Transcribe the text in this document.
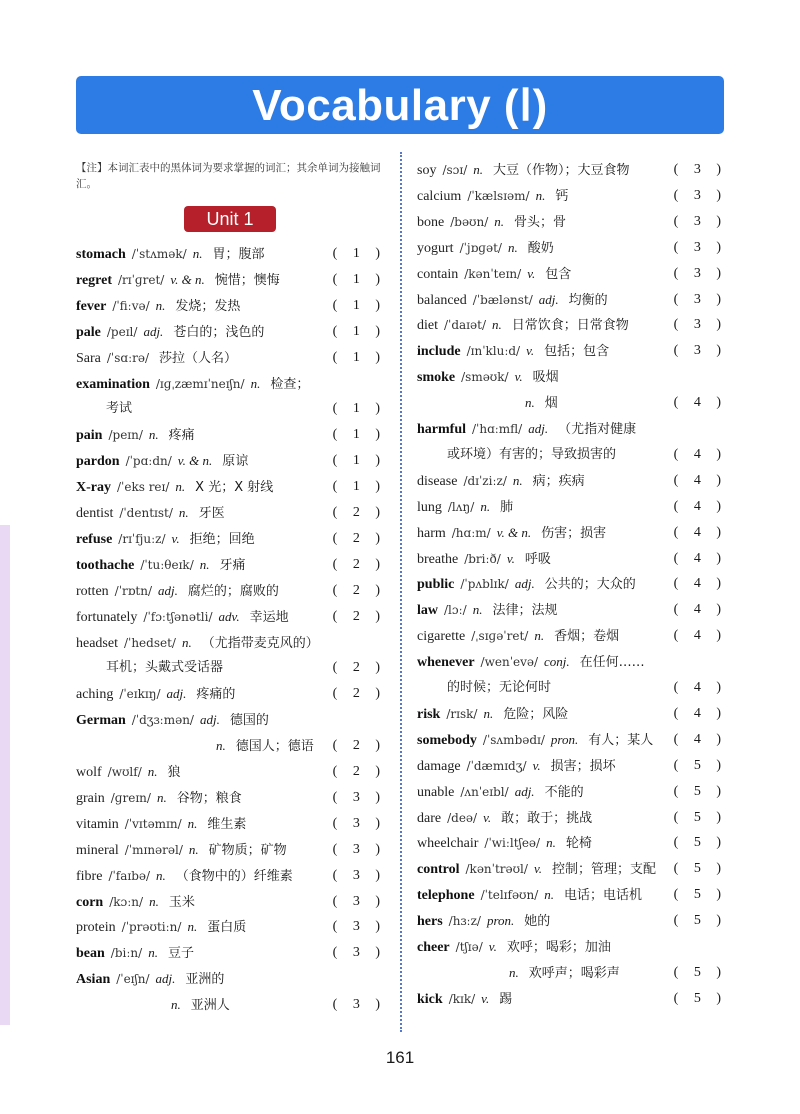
Vocabulary (Ⅰ)
【注】本词汇表中的黑体词为要求掌握的词汇；其余单词为接触词汇。
Unit 1
stomach /ˈstʌmək/ n. 胃；腹部	( 1 )
regret /rɪˈɡret/ v. & n. 惋惜；懊悔	( 1 )
fever /ˈfiːvə/ n. 发烧；发热	( 1 )
pale /peɪl/ adj. 苍白的；浅色的	( 1 )
Sara /ˈsɑːrə/ 莎拉（人名）	( 1 )
examination /ɪɡˌzæmɪˈneɪʃn/ n. 检查；
考试	( 1 )
pain /peɪn/ n. 疼痛	( 1 )
pardon /ˈpɑːdn/ v. & n. 原谅	( 1 )
X-ray /ˈeks reɪ/ n. X 光；X 射线	( 1 )
dentist /ˈdentɪst/ n. 牙医	( 2 )
refuse /rɪˈfjuːz/ v. 拒绝；回绝	( 2 )
toothache /ˈtuːθeɪk/ n. 牙痛	( 2 )
rotten /ˈrɒtn/ adj. 腐烂的；腐败的	( 2 )
fortunately /ˈfɔːtʃənətli/ adv. 幸运地	( 2 )
headset /ˈhedset/ n. （尤指带麦克风的）
耳机；头戴式受话器	( 2 )
aching /ˈeɪkɪŋ/ adj. 疼痛的	( 2 )
German /ˈdʒɜːmən/ adj. 德国的
n. 德国人；德语 ( 2 )
wolf /wʊlf/ n. 狼	( 2 )
grain /ɡreɪn/ n. 谷物；粮食	( 3 )
vitamin /ˈvɪtəmɪn/ n. 维生素	( 3 )
mineral /ˈmɪnərəl/ n. 矿物质；矿物	( 3 )
fibre /ˈfaɪbə/ n. （食物中的）纤维素	( 3 )
corn /kɔːn/ n. 玉米	( 3 )
protein /ˈprəʊtiːn/ n. 蛋白质	( 3 )
bean /biːn/ n. 豆子	( 3 )
Asian /ˈeɪʃn/ adj. 亚洲的
n. 亚洲人	( 3 )
soy /sɔɪ/ n. 大豆（作物）；大豆食物	( 3 )
calcium /ˈkælsɪəm/ n. 钙	( 3 )
bone /bəʊn/ n. 骨头；骨	( 3 )
yogurt /ˈjɒɡət/ n. 酸奶	( 3 )
contain /kənˈteɪn/ v. 包含	( 3 )
balanced /ˈbælənst/ adj. 均衡的	( 3 )
diet /ˈdaɪət/ n. 日常饮食；日常食物	( 3 )
include /ɪnˈkluːd/ v. 包括；包含	( 3 )
smoke /sməʊk/ v. 吸烟
n. 烟	( 4 )
harmful /ˈhɑːmfl/ adj. （尤指对健康
或环境）有害的；导致损害的	( 4 )
disease /dɪˈziːz/ n. 病；疾病	( 4 )
lung /lʌŋ/ n. 肺	( 4 )
harm /hɑːm/ v. & n. 伤害；损害	( 4 )
breathe /briːð/ v. 呼吸	( 4 )
public /ˈpʌblɪk/ adj. 公共的；大众的	( 4 )
law /lɔː/ n. 法律；法规	( 4 )
cigarette /ˌsɪɡəˈret/ n. 香烟；卷烟	( 4 )
whenever /wenˈevə/ conj. 在任何……
的时候；无论何时	( 4 )
risk /rɪsk/ n. 危险；风险	( 4 )
somebody /ˈsʌmbədɪ/ pron. 有人；某人 ( 4 )
damage /ˈdæmɪdʒ/ v. 损害；损坏	( 5 )
unable /ʌnˈeɪbl/ adj. 不能的	( 5 )
dare /deə/ v. 敢；敢于；挑战	( 5 )
wheelchair /ˈwiːltʃeə/ n. 轮椅	( 5 )
control /kənˈtrəʊl/ v. 控制；管理；支配 ( 5 )
telephone /ˈtelɪfəʊn/ n. 电话；电话机 ( 5 )
hers /hɜːz/ pron. 她的	( 5 )
cheer /tʃɪə/ v. 欢呼；喝彩；加油
n. 欢呼声；喝彩声	( 5 )
kick /kɪk/ v. 踢	( 5 )
161
